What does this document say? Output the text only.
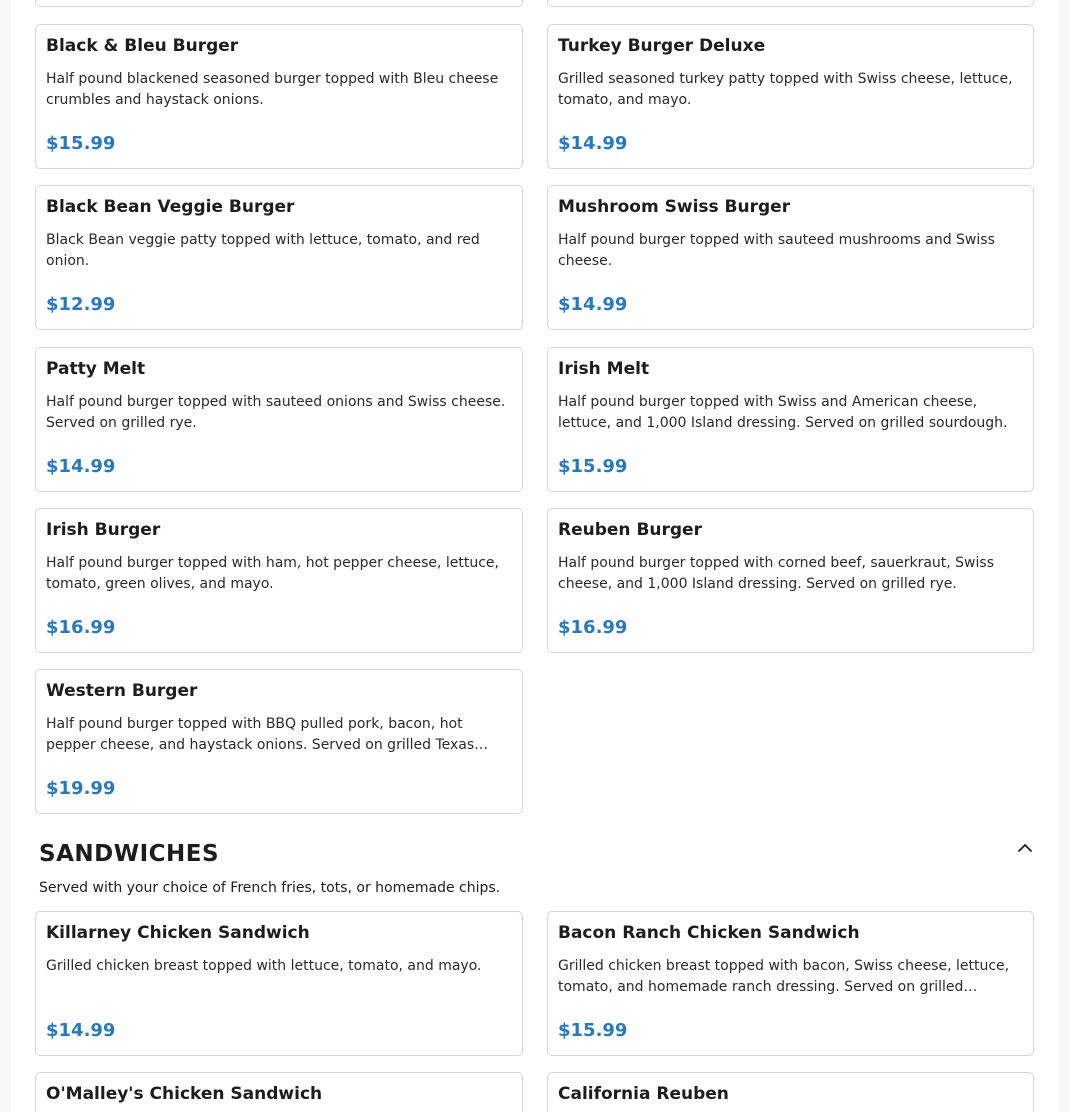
Black & Bleu Burger
Half pound blackened seasoned burger topped with Bleu cheese crumbles and haystack onions.
$15.99
Turkey Burger Deluxe
Grilled seasoned turkey patty topped with Swiss cheese, lettuce, tomato, and mayo.
$14.99
Black Bean Veggie Burger
Black Bean veggie patty topped with lettuce, tomato, and red onion.
$12.99
Mushroom Swiss Burger
Half pound burger topped with sauteed mushrooms and Swiss cheese.
$14.99
Patty Melt
Half pound burger topped with sauteed onions and Swiss cheese. Served on grilled rye.
$14.99
Irish Melt
Half pound burger topped with Swiss and American cheese, lettuce, and 1,000 Island dressing. Served on grilled sourdough.
$15.99
Irish Burger
Half pound burger topped with ham, hot pepper cheese, lettuce, tomato, green olives, and mayo.
$16.99
Reuben Burger
Half pound burger topped with corned beef, sauerkraut, Swiss cheese, and 1,000 Island dressing. Served on grilled rye.
$16.99
Western Burger
Half pound burger topped with BBQ pulled pork, bacon, hot pepper cheese, and haystack onions. Served on grilled Texas…
$19.99
SANDWICHES
Served with your choice of French fries, tots, or homemade chips.
Killarney Chicken Sandwich
Grilled chicken breast topped with lettuce, tomato, and mayo.
$14.99
Bacon Ranch Chicken Sandwich
Grilled chicken breast topped with bacon, Swiss cheese, lettuce, tomato, and homemade ranch dressing. Served on grilled…
$15.99
O'Malley's Chicken Sandwich	California Reuben
